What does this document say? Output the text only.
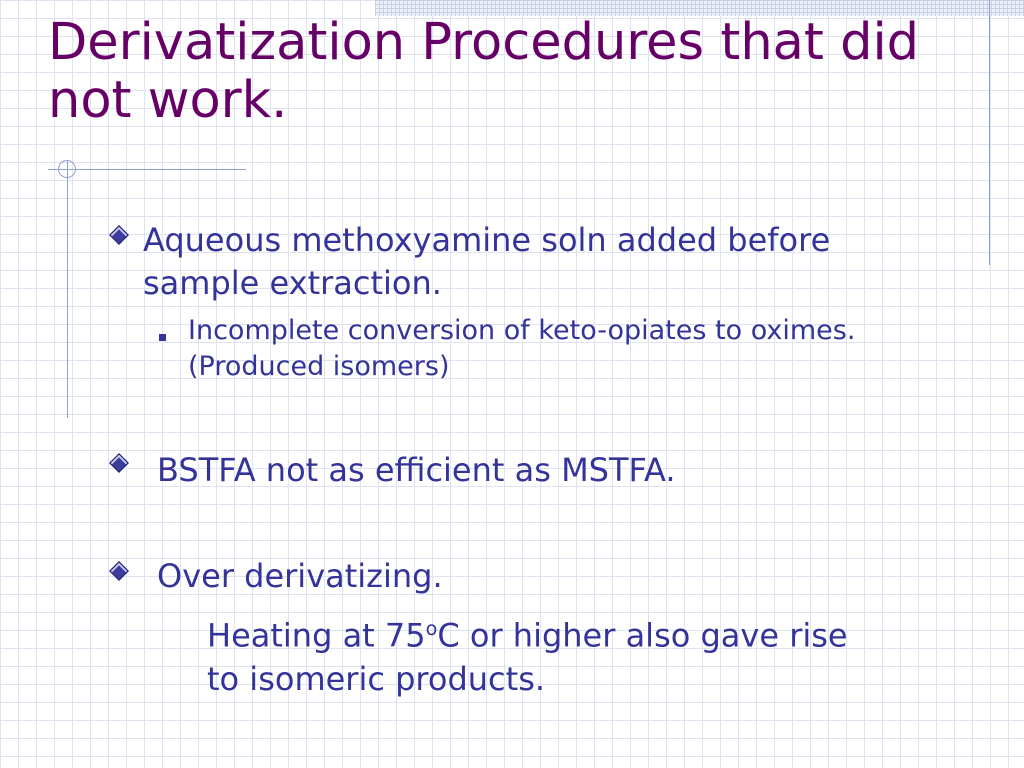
Derivatization Procedures that did not work.

Aqueous methoxyamine soln added before sample extraction.

Incomplete conversion of keto-opiates to oximes. (Produced isomers)

BSTFA not as efficient as MSTFA.

Over derivatizing.

Heating at 75$^o$C or higher also gave rise to isomeric products.
